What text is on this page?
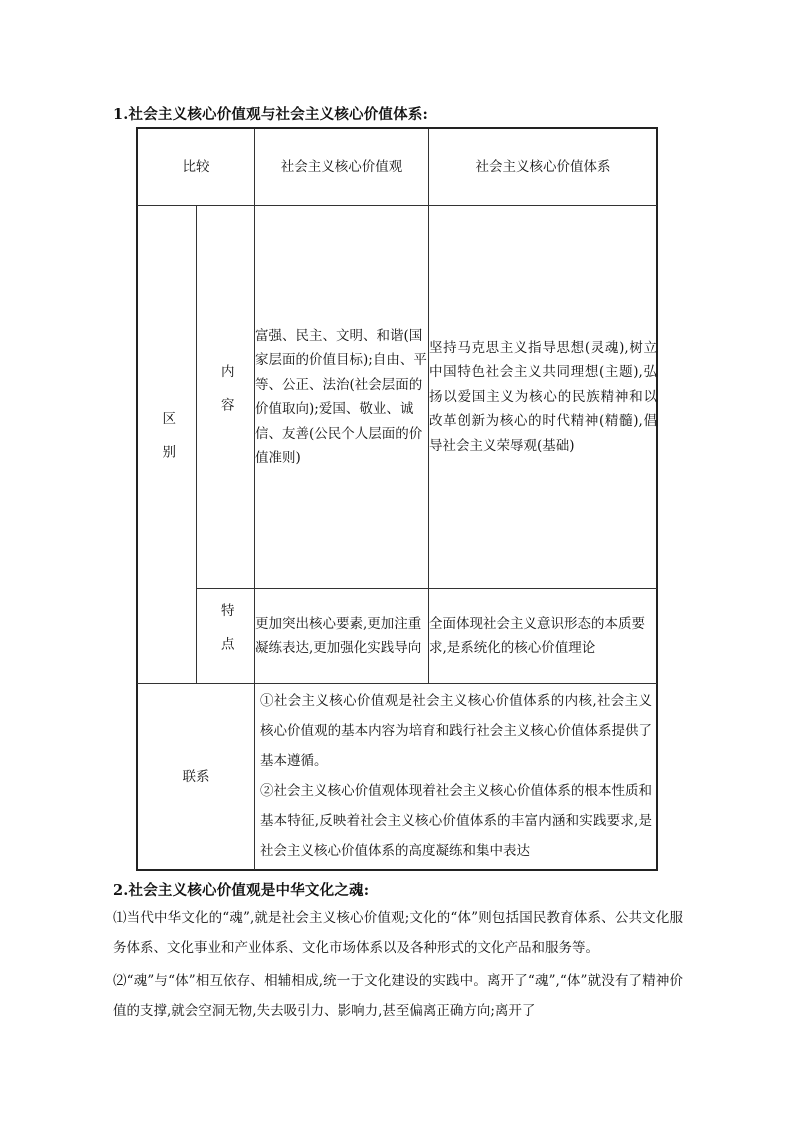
1.社会主义核心价值观与社会主义核心价值体系:
比较	社会主义核心价值观	社会主义核心价值体系
区别
内容
富强、民主、文明、和谐(国家层面的价值目标);自由、平等、公正、法治(社会层面的价值取向);爱国、敬业、诚信、友善(公民个人层面的价值准则)
坚持马克思主义指导思想(灵魂),树立中国特色社会主义共同理想(主题),弘扬以爱国主义为核心的民族精神和以改革创新为核心的时代精神(精髓),倡导社会主义荣辱观(基础)
特点 更加突出核心要素,更加注重凝练表达,更加强化实践导向
全面体现社会主义意识形态的本质要求,是系统化的核心价值理论
联系
①社会主义核心价值观是社会主义核心价值体系的内核,社会主义核心价值观的基本内容为培育和践行社会主义核心价值体系提供了基本遵循。
②社会主义核心价值观体现着社会主义核心价值体系的根本性质和基本特征,反映着社会主义核心价值体系的丰富内涵和实践要求,是社会主义核心价值体系的高度凝练和集中表达
2.社会主义核心价值观是中华文化之魂:
⑴当代中华文化的“魂”,就是社会主义核心价值观;文化的“体”则包括国民教育体系、公共文化服务体系、文化事业和产业体系、文化市场体系以及各种形式的文化产品和服务等。
⑵“魂”与“体”相互依存、相辅相成,统一于文化建设的实践中。离开了“魂”,“体”就没有了精神价值的支撑,就会空洞无物,失去吸引力、影响力,甚至偏离正确方向;离开了
